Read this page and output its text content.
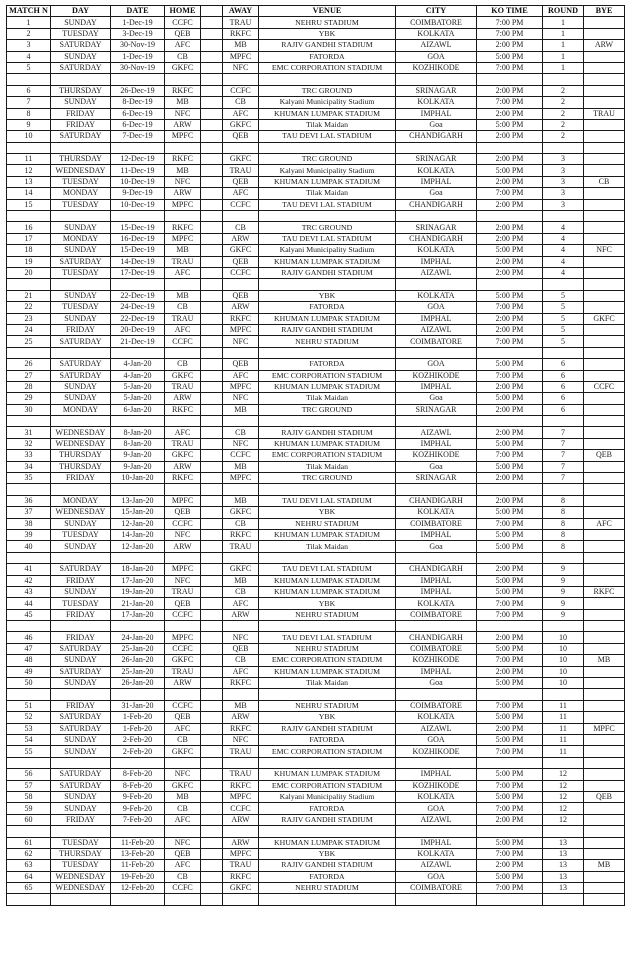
MATCH N	DAY	DATE	HOME		AWAY	VENUE	CITY	KO TIME	ROUND	BYE
1	SUNDAY	1-Dec-19	CCFC		TRAU	NEHRU STADIUM	COIMBATORE	7:00 PM	1	
2	TUESDAY	3-Dec-19	QEB		RKFC	YBK	KOLKATA	7:00 PM	1	
3	SATURDAY	30-Nov-19	AFC		MB	RAJIV GANDHI STADIUM	AIZAWL	2:00 PM	1	ARW
4	SUNDAY	1-Dec-19	CB		MPFC	FATORDA	GOA	5:00 PM	1	
5	SATURDAY	30-Nov-19	GKFC		NFC	EMC CORPORATION STADIUM	KOZHIKODE	7:00 PM	1	

6	THURSDAY	26-Dec-19	RKFC		CCFC	TRC GROUND	SRINAGAR	2:00 PM	2	
7	SUNDAY	8-Dec-19	MB		CB	Kalyani Municipality Stadium	KOLKATA	7:00 PM	2	
8	FRIDAY	6-Dec-19	NFC		AFC	KHUMAN LUMPAK STADIUM	IMPHAL	2:00 PM	2	TRAU
9	FRIDAY	6-Dec-19	ARW		GKFC	Tilak Maidan	Goa	5:00 PM	2	
10	SATURDAY	7-Dec-19	MPFC		QEB	TAU DEVI LAL STADIUM	CHANDIGARH	2:00 PM	2	

11	THURSDAY	12-Dec-19	RKFC		GKFC	TRC GROUND	SRINAGAR	2:00 PM	3	
12	WEDNESDAY	11-Dec-19	MB		TRAU	Kalyani Municipality Stadium	KOLKATA	5:00 PM	3	
13	TUESDAY	10-Dec-19	NFC		QEB	KHUMAN LUMPAK STADIUM	IMPHAL	2:00 PM	3	CB
14	MONDAY	9-Dec-19	ARW		AFC	Tilak Maidan	Goa	7:00 PM	3	
15	TUESDAY	10-Dec-19	MPFC		CCFC	TAU DEVI LAL STADIUM	CHANDIGARH	2:00 PM	3	

16	SUNDAY	15-Dec-19	RKFC		CB	TRC GROUND	SRINAGAR	2:00 PM	4	
17	MONDAY	16-Dec-19	MPFC		ARW	TAU DEVI LAL STADIUM	CHANDIGARH	2:00 PM	4	
18	SUNDAY	15-Dec-19	MB		GKFC	Kalyani Municipality Stadium	KOLKATA	5:00 PM	4	NFC
19	SATURDAY	14-Dec-19	TRAU		QEB	KHUMAN LUMPAK STADIUM	IMPHAL	2:00 PM	4	
20	TUESDAY	17-Dec-19	AFC		CCFC	RAJIV GANDHI STADIUM	AIZAWL	2:00 PM	4	

21	SUNDAY	22-Dec-19	MB		QEB	YBK	KOLKATA	5:00 PM	5	
22	TUESDAY	24-Dec-19	CB		ARW	FATORDA	GOA	7:00 PM	5	
23	SUNDAY	22-Dec-19	TRAU		RKFC	KHUMAN LUMPAK STADIUM	IMPHAL	2:00 PM	5	GKFC
24	FRIDAY	20-Dec-19	AFC		MPFC	RAJIV GANDHI STADIUM	AIZAWL	2:00 PM	5	
25	SATURDAY	21-Dec-19	CCFC		NFC	NEHRU STADIUM	COIMBATORE	7:00 PM	5	

26	SATURDAY	4-Jan-20	CB		QEB	FATORDA	GOA	5:00 PM	6	
27	SATURDAY	4-Jan-20	GKFC		AFC	EMC CORPORATION STADIUM	KOZHIKODE	7:00 PM	6	
28	SUNDAY	5-Jan-20	TRAU		MPFC	KHUMAN LUMPAK STADIUM	IMPHAL	2:00 PM	6	CCFC
29	SUNDAY	5-Jan-20	ARW		NFC	Tilak Maidan	Goa	5:00 PM	6	
30	MONDAY	6-Jan-20	RKFC		MB	TRC GROUND	SRINAGAR	2:00 PM	6	

31	WEDNESDAY	8-Jan-20	AFC		CB	RAJIV GANDHI STADIUM	AIZAWL	2:00 PM	7	
32	WEDNESDAY	8-Jan-20	TRAU		NFC	KHUMAN LUMPAK STADIUM	IMPHAL	5:00 PM	7	
33	THURSDAY	9-Jan-20	GKFC		CCFC	EMC CORPORATION STADIUM	KOZHIKODE	7:00 PM	7	QEB
34	THURSDAY	9-Jan-20	ARW		MB	Tilak Maidan	Goa	5:00 PM	7	
35	FRIDAY	10-Jan-20	RKFC		MPFC	TRC GROUND	SRINAGAR	2:00 PM	7	

36	MONDAY	13-Jan-20	MPFC		MB	TAU DEVI LAL STADIUM	CHANDIGARH	2:00 PM	8	
37	WEDNESDAY	15-Jan-20	QEB		GKFC	YBK	KOLKATA	5:00 PM	8	
38	SUNDAY	12-Jan-20	CCFC		CB	NEHRU STADIUM	COIMBATORE	7:00 PM	8	AFC
39	TUESDAY	14-Jan-20	NFC		RKFC	KHUMAN LUMPAK STADIUM	IMPHAL	5:00 PM	8	
40	SUNDAY	12-Jan-20	ARW		TRAU	Tilak Maidan	Goa	5:00 PM	8	

41	SATURDAY	18-Jan-20	MPFC		GKFC	TAU DEVI LAL STADIUM	CHANDIGARH	2:00 PM	9	
42	FRIDAY	17-Jan-20	NFC		MB	KHUMAN LUMPAK STADIUM	IMPHAL	5:00 PM	9	
43	SUNDAY	19-Jan-20	TRAU		CB	KHUMAN LUMPAK STADIUM	IMPHAL	5:00 PM	9	RKFC
44	TUESDAY	21-Jan-20	QEB		AFC	YBK	KOLKATA	7:00 PM	9	
45	FRIDAY	17-Jan-20	CCFC		ARW	NEHRU STADIUM	COIMBATORE	7:00 PM	9	

46	FRIDAY	24-Jan-20	MPFC		NFC	TAU DEVI LAL STADIUM	CHANDIGARH	2:00 PM	10	
47	SATURDAY	25-Jan-20	CCFC		QEB	NEHRU STADIUM	COIMBATORE	5:00 PM	10	
48	SUNDAY	26-Jan-20	GKFC		CB	EMC CORPORATION STADIUM	KOZHIKODE	7:00 PM	10	MB
49	SATURDAY	25-Jan-20	TRAU		AFC	KHUMAN LUMPAK STADIUM	IMPHAL	2:00 PM	10	
50	SUNDAY	26-Jan-20	ARW		RKFC	Tilak Maidan	Goa	5:00 PM	10	

51	FRIDAY	31-Jan-20	CCFC		MB	NEHRU STADIUM	COIMBATORE	7:00 PM	11	
52	SATURDAY	1-Feb-20	QEB		ARW	YBK	KOLKATA	5:00 PM	11	
53	SATURDAY	1-Feb-20	AFC		RKFC	RAJIV GANDHI STADIUM	AIZAWL	2:00 PM	11	MPFC
54	SUNDAY	2-Feb-20	CB		NFC	FATORDA	GOA	5:00 PM	11	
55	SUNDAY	2-Feb-20	GKFC		TRAU	EMC CORPORATION STADIUM	KOZHIKODE	7:00 PM	11	

56	SATURDAY	8-Feb-20	NFC		TRAU	KHUMAN LUMPAK STADIUM	IMPHAL	5:00 PM	12	
57	SATURDAY	8-Feb-20	GKFC		RKFC	EMC CORPORATION STADIUM	KOZHIKODE	7:00 PM	12	
58	SUNDAY	9-Feb-20	MB		MPFC	Kalyani Municipality Stadium	KOLKATA	5:00 PM	12	QEB
59	SUNDAY	9-Feb-20	CB		CCFC	FATORDA	GOA	7:00 PM	12	
60	FRIDAY	7-Feb-20	AFC		ARW	RAJIV GANDHI STADIUM	AIZAWL	2:00 PM	12	

61	TUESDAY	11-Feb-20	NFC		ARW	KHUMAN LUMPAK STADIUM	IMPHAL	5:00 PM	13	
62	THURSDAY	13-Feb-20	QEB		MPFC	YBK	KOLKATA	7:00 PM	13	
63	TUESDAY	11-Feb-20	AFC		TRAU	RAJIV GANDHI STADIUM	AIZAWL	2:00 PM	13	MB
64	WEDNESDAY	19-Feb-20	CB		RKFC	FATORDA	GOA	5:00 PM	13	
65	WEDNESDAY	12-Feb-20	CCFC		GKFC	NEHRU STADIUM	COIMBATORE	7:00 PM	13	
